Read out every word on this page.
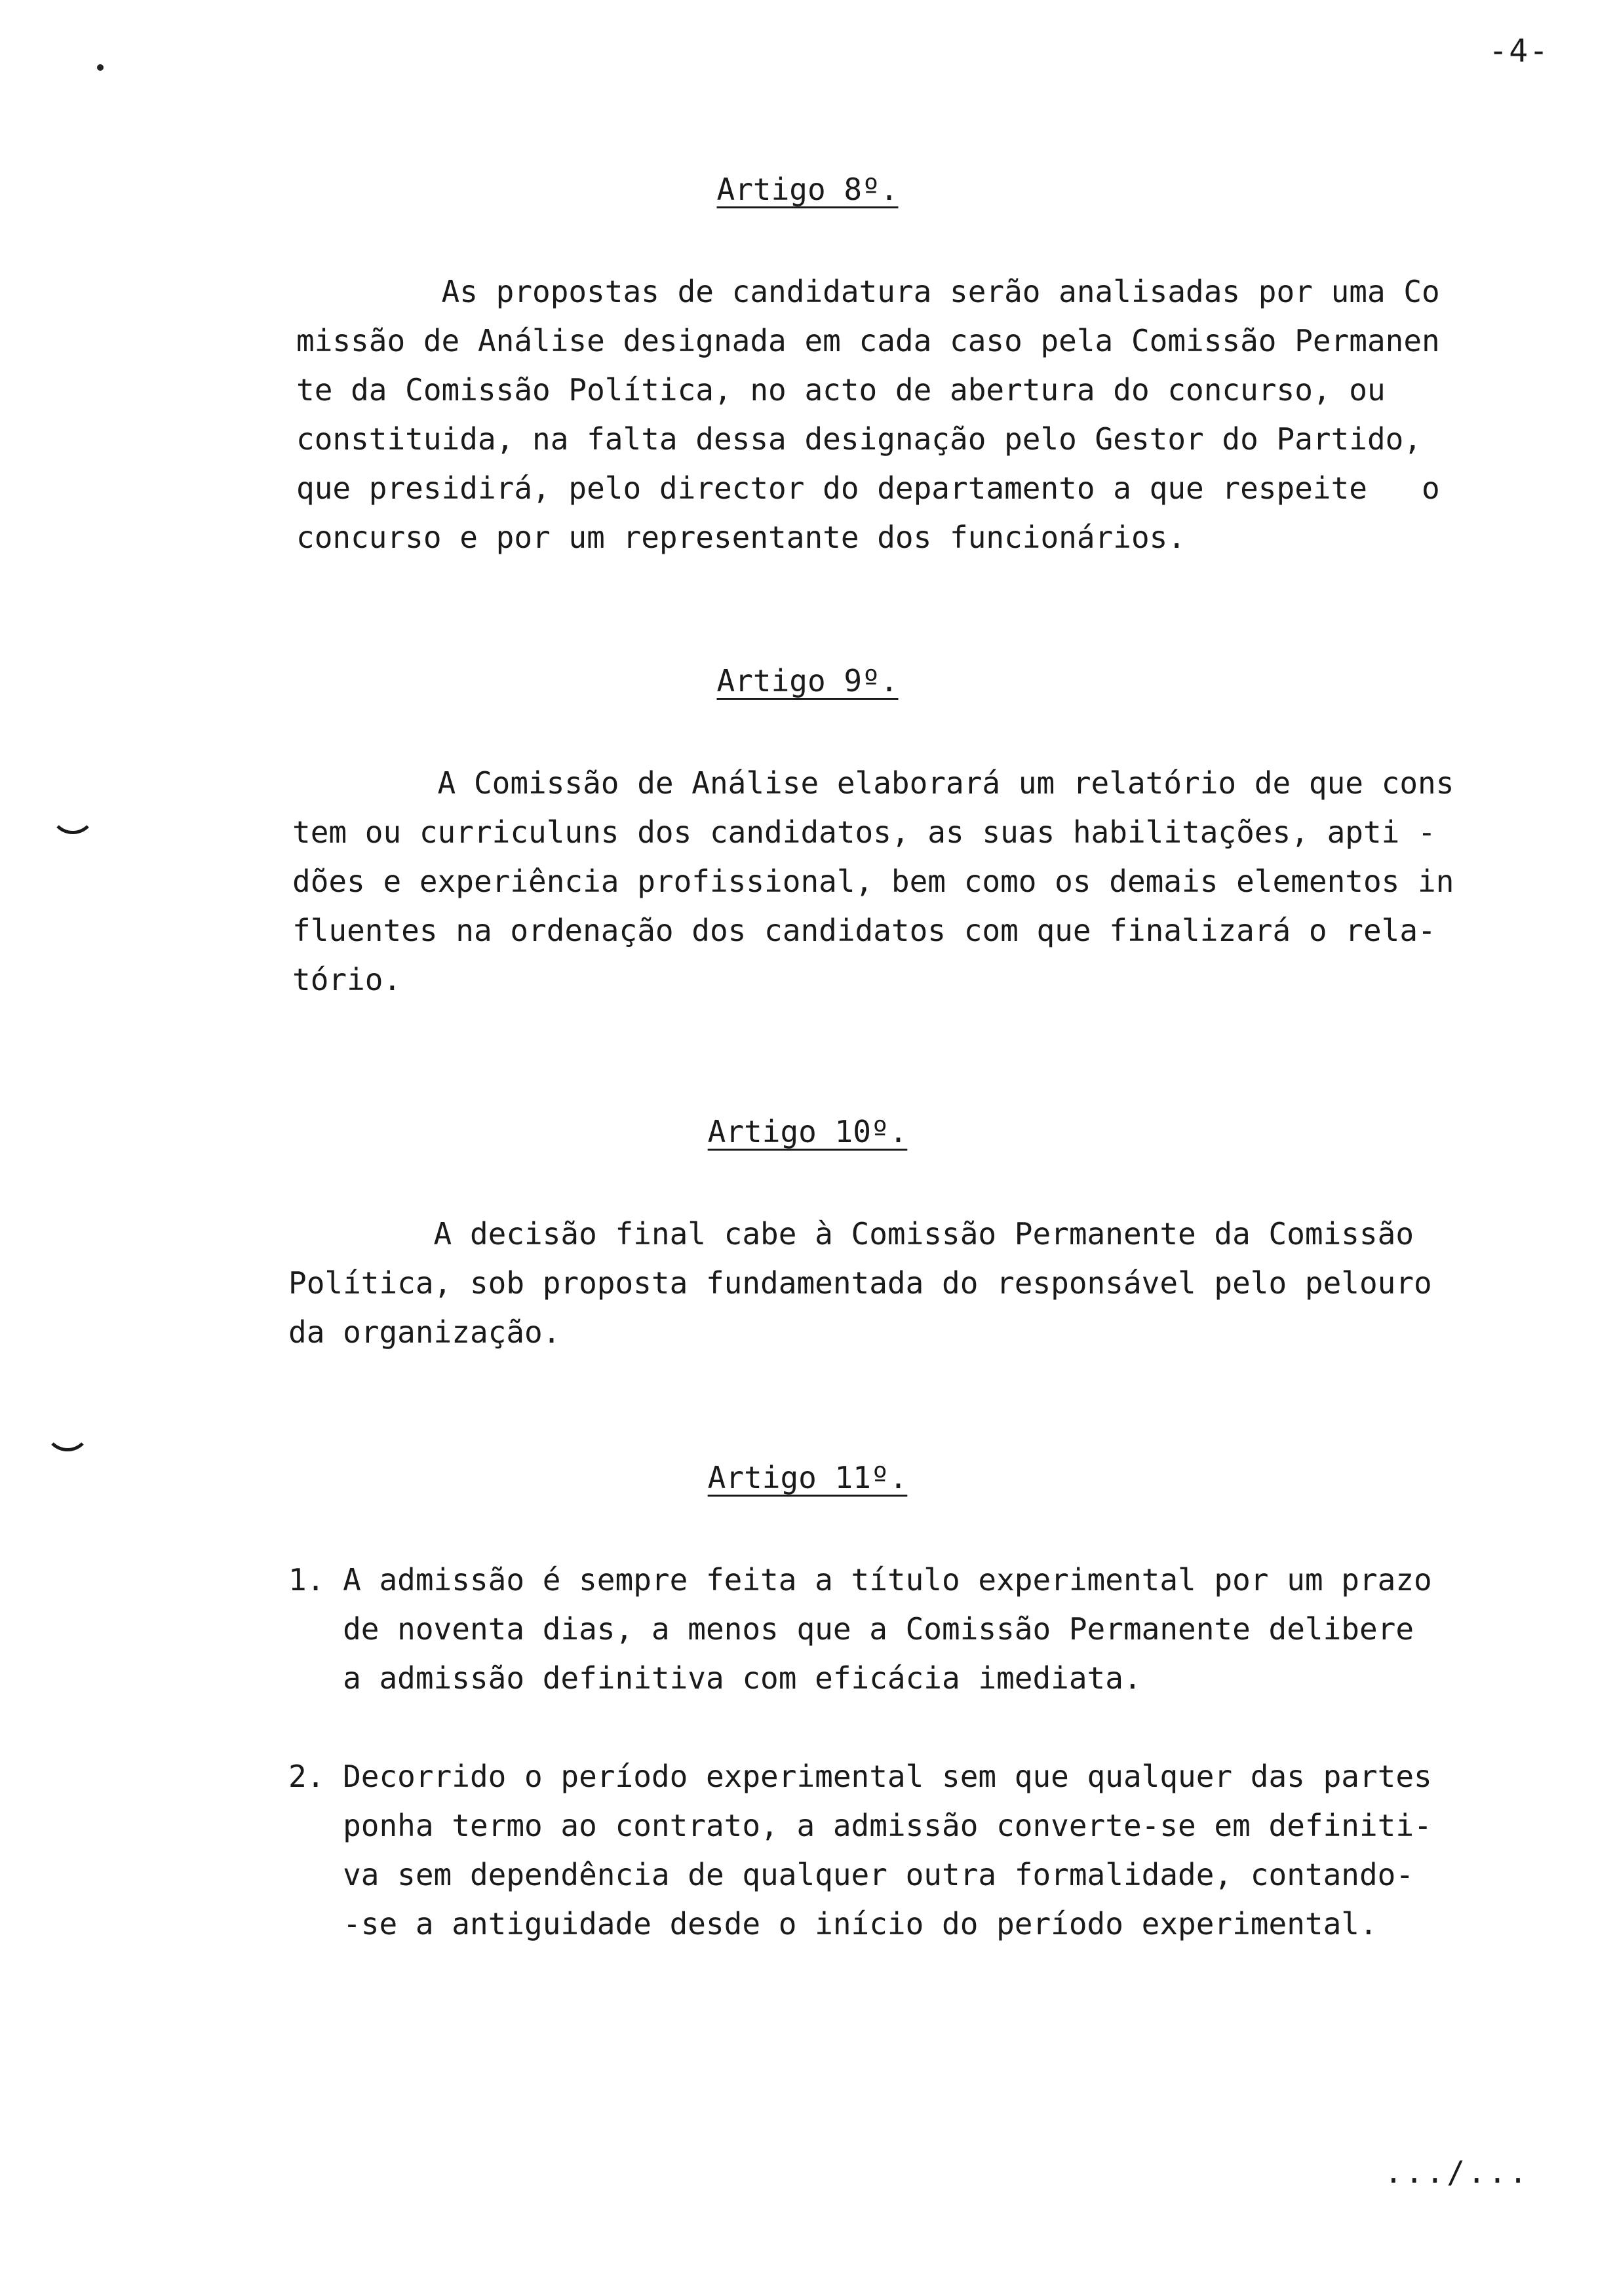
-4-
Artigo 8º.
As propostas de candidatura serão analisadas por uma Co
missão de Análise designada em cada caso pela Comissão Permanen
te da Comissão Política, no acto de abertura do concurso, ou
constituida, na falta dessa designação pelo Gestor do Partido,
que presidirá, pelo director do departamento a que respeite   o
concurso e por um representante dos funcionários.
Artigo 9º.
A Comissão de Análise elaborará um relatório de que cons
tem ou curriculuns dos candidatos, as suas habilitações, apti -
dões e experiência profissional, bem como os demais elementos in
fluentes na ordenação dos candidatos com que finalizará o rela-
tório.
Artigo 10º.
A decisão final cabe à Comissão Permanente da Comissão
Política, sob proposta fundamentada do responsável pelo pelouro
da organização.
Artigo 11º.
1. A admissão é sempre feita a título experimental por um prazo
de noventa dias, a menos que a Comissão Permanente delibere
a admissão definitiva com eficácia imediata.
2. Decorrido o período experimental sem que qualquer das partes
ponha termo ao contrato, a admissão converte-se em definiti-
va sem dependência de qualquer outra formalidade, contando-
-se a antiguidade desde o início do período experimental.
.../...
